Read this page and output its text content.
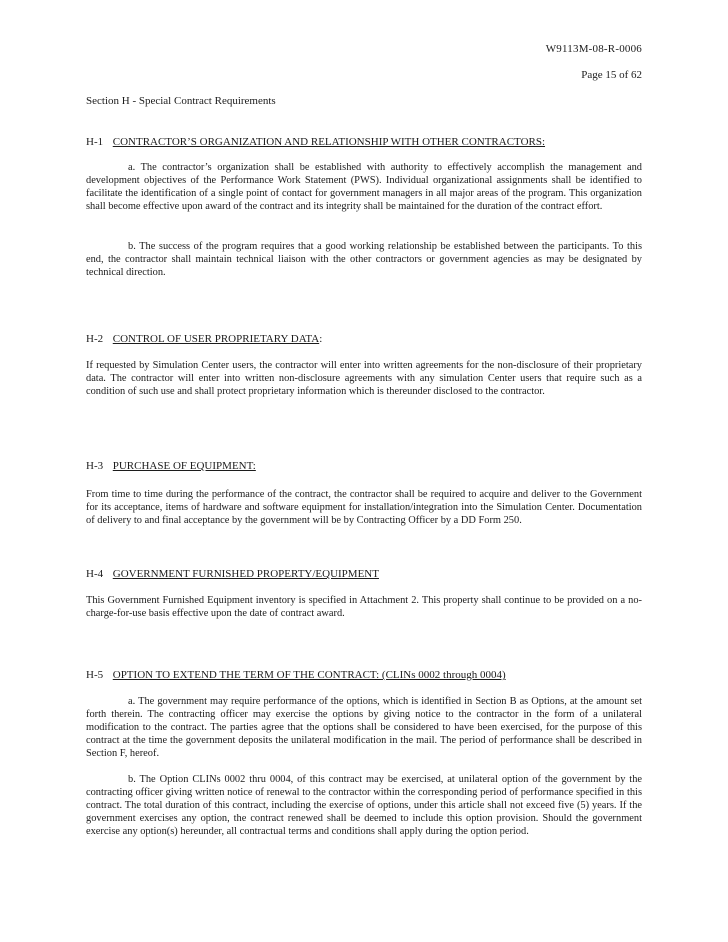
W9113M-08-R-0006
Page 15 of 62
Section H - Special Contract Requirements
H-1 CONTRACTOR’S ORGANIZATION AND RELATIONSHIP WITH OTHER CONTRACTORS:

a. The contractor’s organization shall be established with authority to effectively accomplish the management and development objectives of the Performance Work Statement (PWS). Individual organizational assignments shall be identified to facilitate the identification of a single point of contact for government managers in all major areas of the program. This organization shall become effective upon award of the contract and its integrity shall be maintained for the duration of the contract effort.

b. The success of the program requires that a good working relationship be established between the participants. To this end, the contractor shall maintain technical liaison with the other contractors or government agencies as may be designated by technical direction.

H-2 CONTROL OF USER PROPRIETARY DATA:

If requested by Simulation Center users, the contractor will enter into written agreements for the non-disclosure of their proprietary data. The contractor will enter into written non-disclosure agreements with any simulation Center users that require such as a condition of such use and shall protect proprietary information which is thereunder disclosed to the contractor.

H-3 PURCHASE OF EQUIPMENT:

From time to time during the performance of the contract, the contractor shall be required to acquire and deliver to the Government for its acceptance, items of hardware and software equipment for installation/integration into the Simulation Center. Documentation of delivery to and final acceptance by the government will be by Contracting Officer by a DD Form 250.

H-4 GOVERNMENT FURNISHED PROPERTY/EQUIPMENT

This Government Furnished Equipment inventory is specified in Attachment 2. This property shall continue to be provided on a no-charge-for-use basis effective upon the date of contract award.

H-5 OPTION TO EXTEND THE TERM OF THE CONTRACT: (CLINs 0002 through 0004)

a. The government may require performance of the options, which is identified in Section B as Options, at the amount set forth therein. The contracting officer may exercise the options by giving notice to the contractor in the form of a unilateral modification to the contract. The parties agree that the options shall be considered to have been exercised, for the purpose of this contract at the time the government deposits the unilateral modification in the mail. The period of performance shall be described in Section F, hereof.

b. The Option CLINs 0002 thru 0004, of this contract may be exercised, at unilateral option of the government by the contracting officer giving written notice of renewal to the contractor within the corresponding period of performance specified in this contract. The total duration of this contract, including the exercise of options, under this article shall not exceed five (5) years. If the government exercises any option, the contract renewed shall be deemed to include this option provision. Should the government exercise any option(s) hereunder, all contractual terms and conditions shall apply during the option period.
